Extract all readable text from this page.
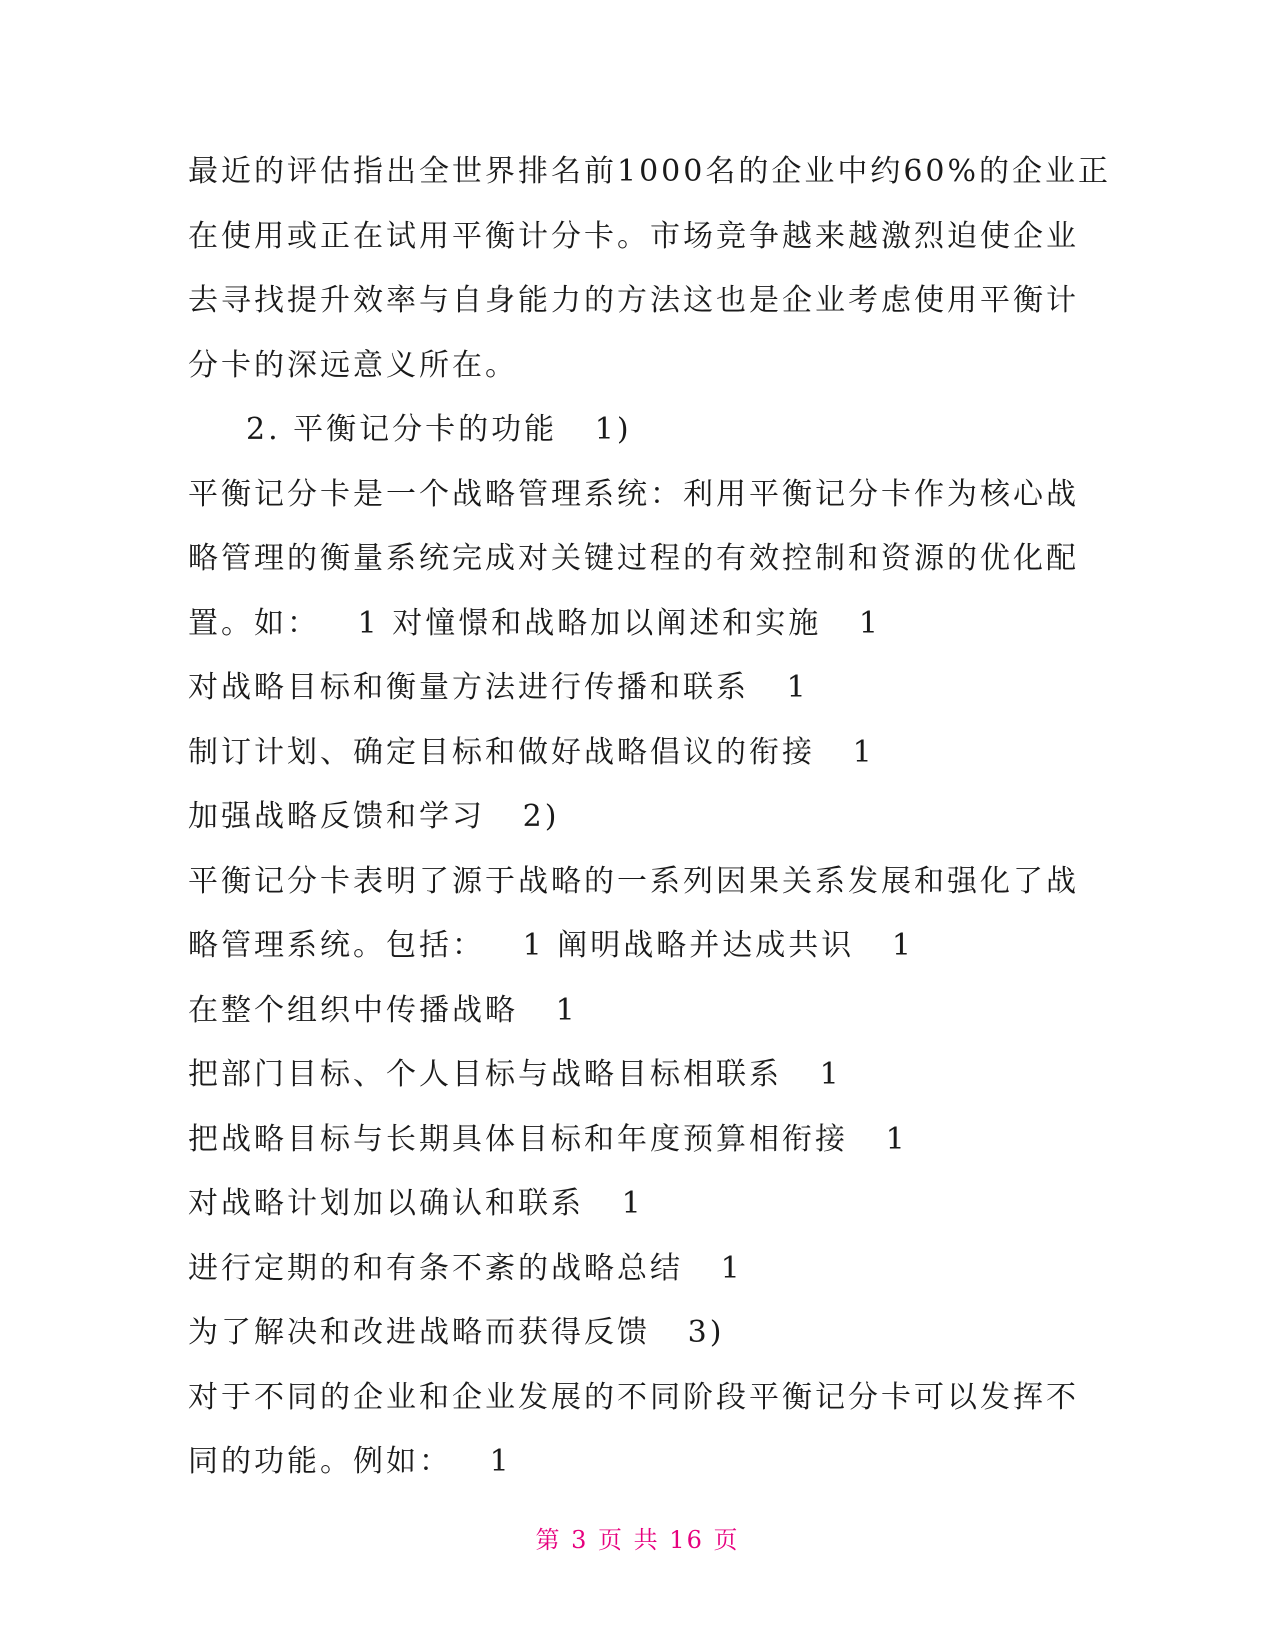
最近的评估指出全世界排名前1000名的企业中约60%的企业正
在使用或正在试用平衡计分卡。市场竞争越来越激烈迫使企业
去寻找提升效率与自身能力的方法这也是企业考虑使用平衡计
分卡的深远意义所在。
2. 平衡记分卡的功能   1)
平衡记分卡是一个战略管理系统：利用平衡记分卡作为核心战
略管理的衡量系统完成对关键过程的有效控制和资源的优化配
置。如：   1 对憧憬和战略加以阐述和实施   1
对战略目标和衡量方法进行传播和联系   1
制订计划、确定目标和做好战略倡议的衔接   1
加强战略反馈和学习   2)
平衡记分卡表明了源于战略的一系列因果关系发展和强化了战
略管理系统。包括：   1 阐明战略并达成共识   1
在整个组织中传播战略   1
把部门目标、个人目标与战略目标相联系   1
把战略目标与长期具体目标和年度预算相衔接   1
对战略计划加以确认和联系   1
进行定期的和有条不紊的战略总结   1
为了解决和改进战略而获得反馈   3)
对于不同的企业和企业发展的不同阶段平衡记分卡可以发挥不
同的功能。例如：   1
第 3 页 共 16 页
